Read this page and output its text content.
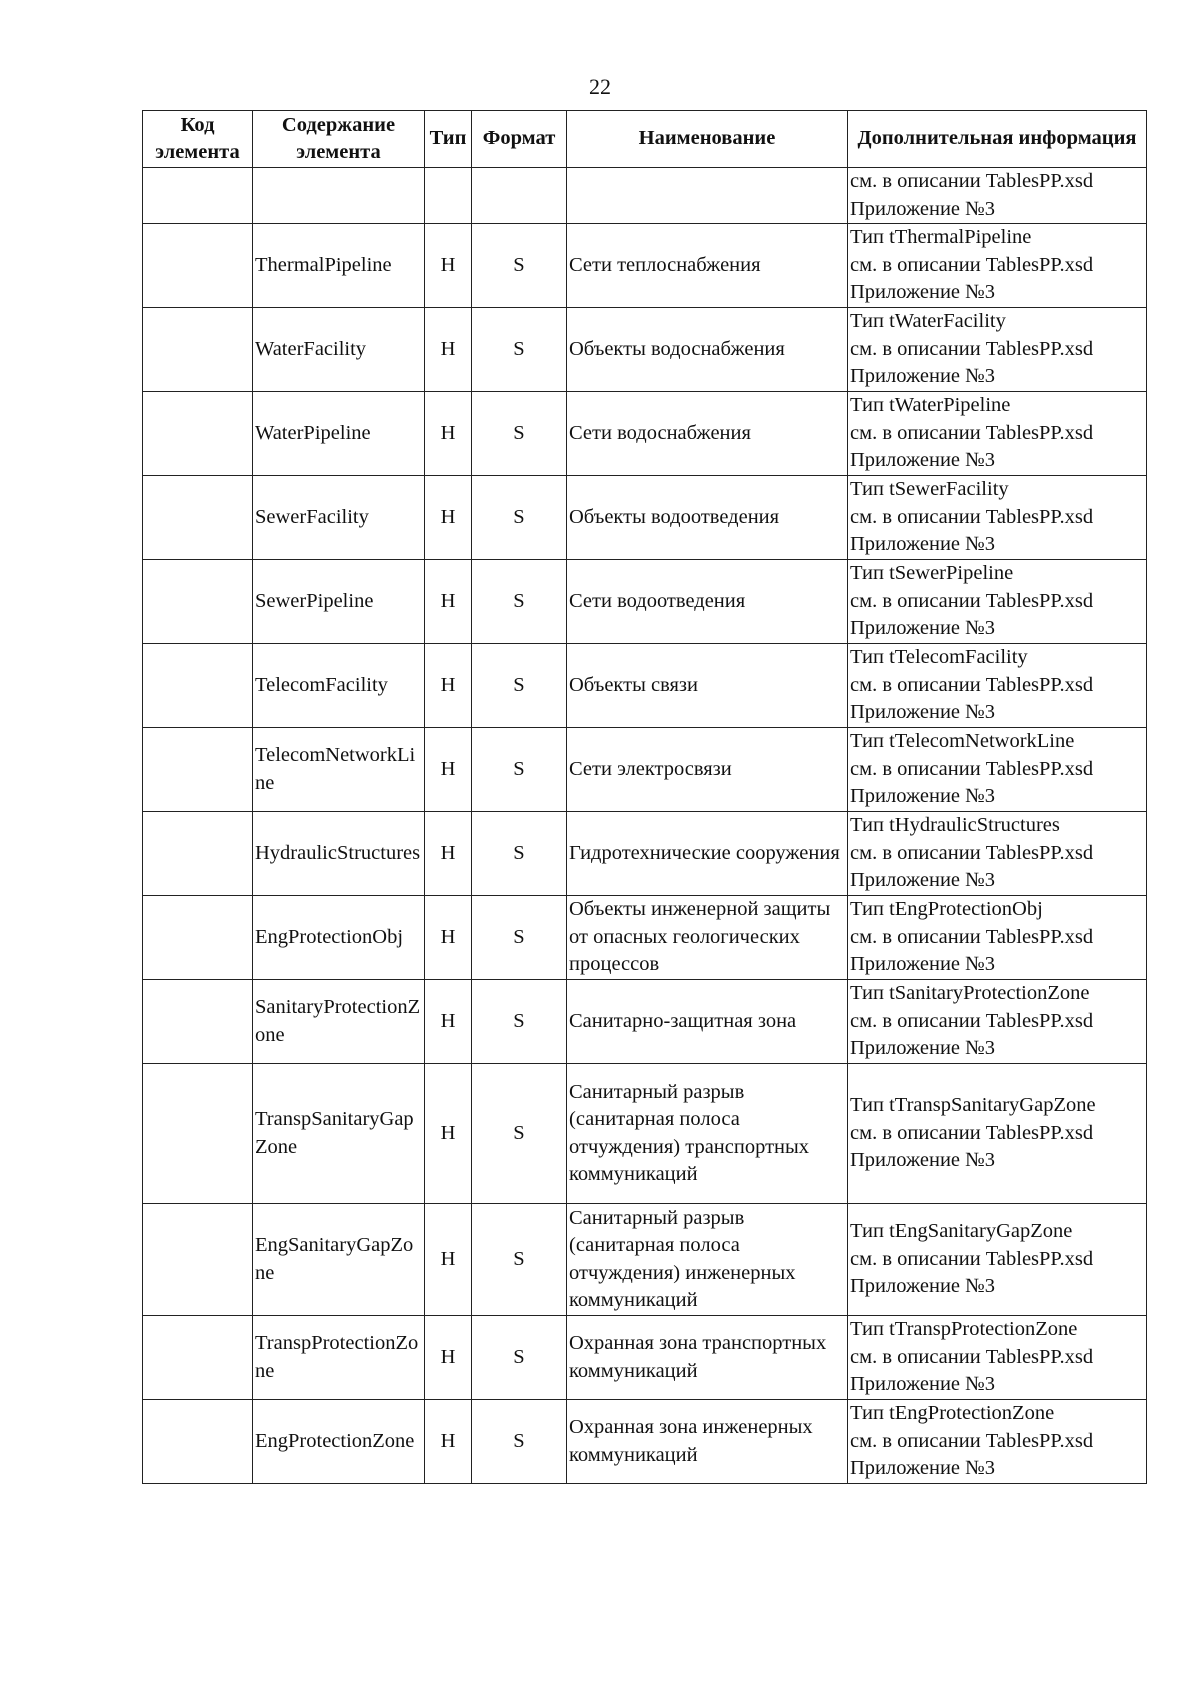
22
Код элемента	Содержание элемента	Тип	Формат	Наименование	Дополнительная информация

					см. в описании TablesPP.xsd
Приложение №3

	ThermalPipeline	H	S	Сети теплоснабжения	Тип tThermalPipeline
см. в описании TablesPP.xsd
Приложение №3

	WaterFacility	H	S	Объекты водоснабжения	Тип tWaterFacility
см. в описании TablesPP.xsd
Приложение №3

	WaterPipeline	H	S	Сети водоснабжения	Тип tWaterPipeline
см. в описании TablesPP.xsd
Приложение №3

	SewerFacility	H	S	Объекты водоотведения	Тип tSewerFacility
см. в описании TablesPP.xsd
Приложение №3

	SewerPipeline	H	S	Сети водоотведения	Тип tSewerPipeline
см. в описании TablesPP.xsd
Приложение №3

	TelecomFacility	H	S	Объекты связи	Тип tTelecomFacility
см. в описании TablesPP.xsd
Приложение №3

	TelecomNetworkLine	H	S	Сети электросвязи	Тип tTelecomNetworkLine
см. в описании TablesPP.xsd
Приложение №3

	HydraulicStructures	H	S	Гидротехнические сооружения	Тип tHydraulicStructures
см. в описании TablesPP.xsd
Приложение №3

	EngProtectionObj	H	S	Объекты инженерной защиты от опасных геологических процессов	Тип tEngProtectionObj
см. в описании TablesPP.xsd
Приложение №3

	SanitaryProtectionZone	H	S	Санитарно-защитная зона	Тип tSanitaryProtectionZone
см. в описании TablesPP.xsd
Приложение №3

	TranspSanitaryGapZone	H	S	Санитарный разрыв (санитарная полоса отчуждения) транспортных коммуникаций	Тип tTranspSanitaryGapZone
см. в описании TablesPP.xsd
Приложение №3

	EngSanitaryGapZone	H	S	Санитарный разрыв (санитарная полоса отчуждения) инженерных коммуникаций	Тип tEngSanitaryGapZone
см. в описании TablesPP.xsd
Приложение №3

	TranspProtectionZone	H	S	Охранная зона транспортных коммуникаций	Тип tTranspProtectionZone
см. в описании TablesPP.xsd
Приложение №3

	EngProtectionZone	H	S	Охранная зона инженерных коммуникаций	Тип tEngProtectionZone
см. в описании TablesPP.xsd
Приложение №3
